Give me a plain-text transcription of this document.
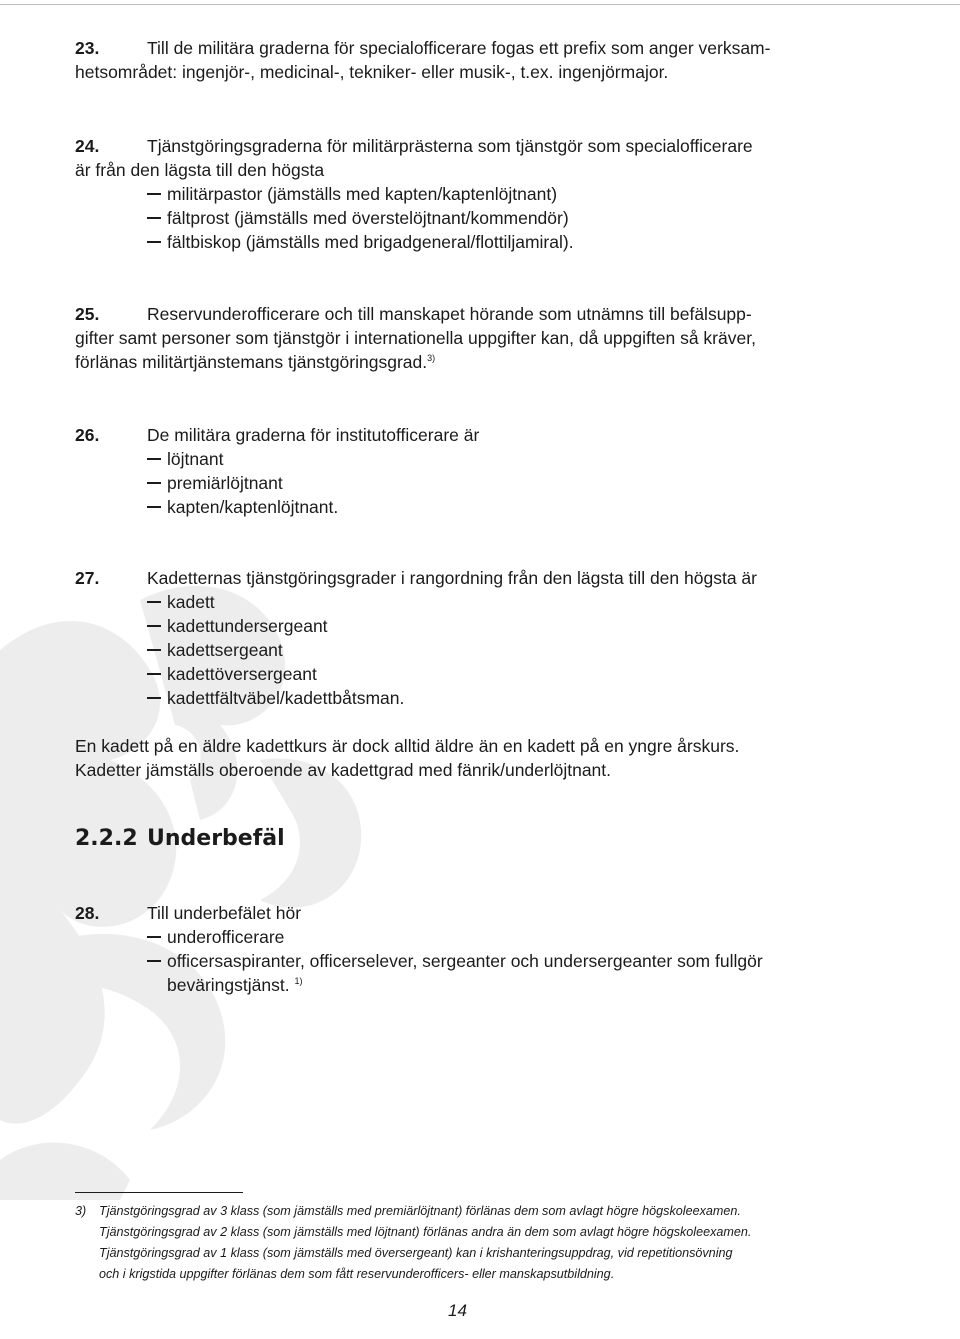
23.	Till de militära graderna för specialofficerare fogas ett prefix som anger verksam-
hetsområdet: ingenjör-, medicinal-, tekniker- eller musik-, t.ex. ingenjörmajor.
24.	Tjänstgöringsgraderna för militärprästerna som tjänstgör som specialofficerare
är från den lägsta till den högsta
militärpastor (jämställs med kapten/kaptenlöjtnant)
fältprost (jämställs med överstelöjtnant/kommendör)
fältbiskop (jämställs med brigadgeneral/flottiljamiral).
25.	Reservunderofficerare och till manskapet hörande som utnämns till befälsupp-
gifter samt personer som tjänstgör i internationella uppgifter kan, då uppgiften så kräver,
förlänas militärtjänstemans tjänstgöringsgrad.$^{3)}$
26.	De militära graderna för institutofficerare är
löjtnant
premiärlöjtnant
kapten/kaptenlöjtnant.
27.	Kadetternas tjänstgöringsgrader i rangordning från den lägsta till den högsta är
kadett
kadettundersergeant
kadettsergeant
kadettöversergeant
kadettfältväbel/kadettbåtsman.
En kadett på en äldre kadettkurs är dock alltid äldre än en kadett på en yngre årskurs.
Kadetter jämställs oberoende av kadettgrad med fänrik/underlöjtnant.
2.2.2 Underbefäl
28.	Till underbefälet hör
underofficerare
officersaspiranter, officerselever, sergeanter och undersergeanter som fullgör
beväringstjänst. $^{1)}$
3)	Tjänstgöringsgrad av 3 klass (som jämställs med premiärlöjtnant) förlänas dem som avlagt högre högskoleexamen.
Tjänstgöringsgrad av 2 klass (som jämställs med löjtnant) förlänas andra än dem som avlagt högre högskoleexamen.
Tjänstgöringsgrad av 1 klass (som jämställs med översergeant) kan i krishanteringsuppdrag, vid repetitionsövning
och i krigstida uppgifter förlänas dem som fått reservunderofficers- eller manskapsutbildning.
14
